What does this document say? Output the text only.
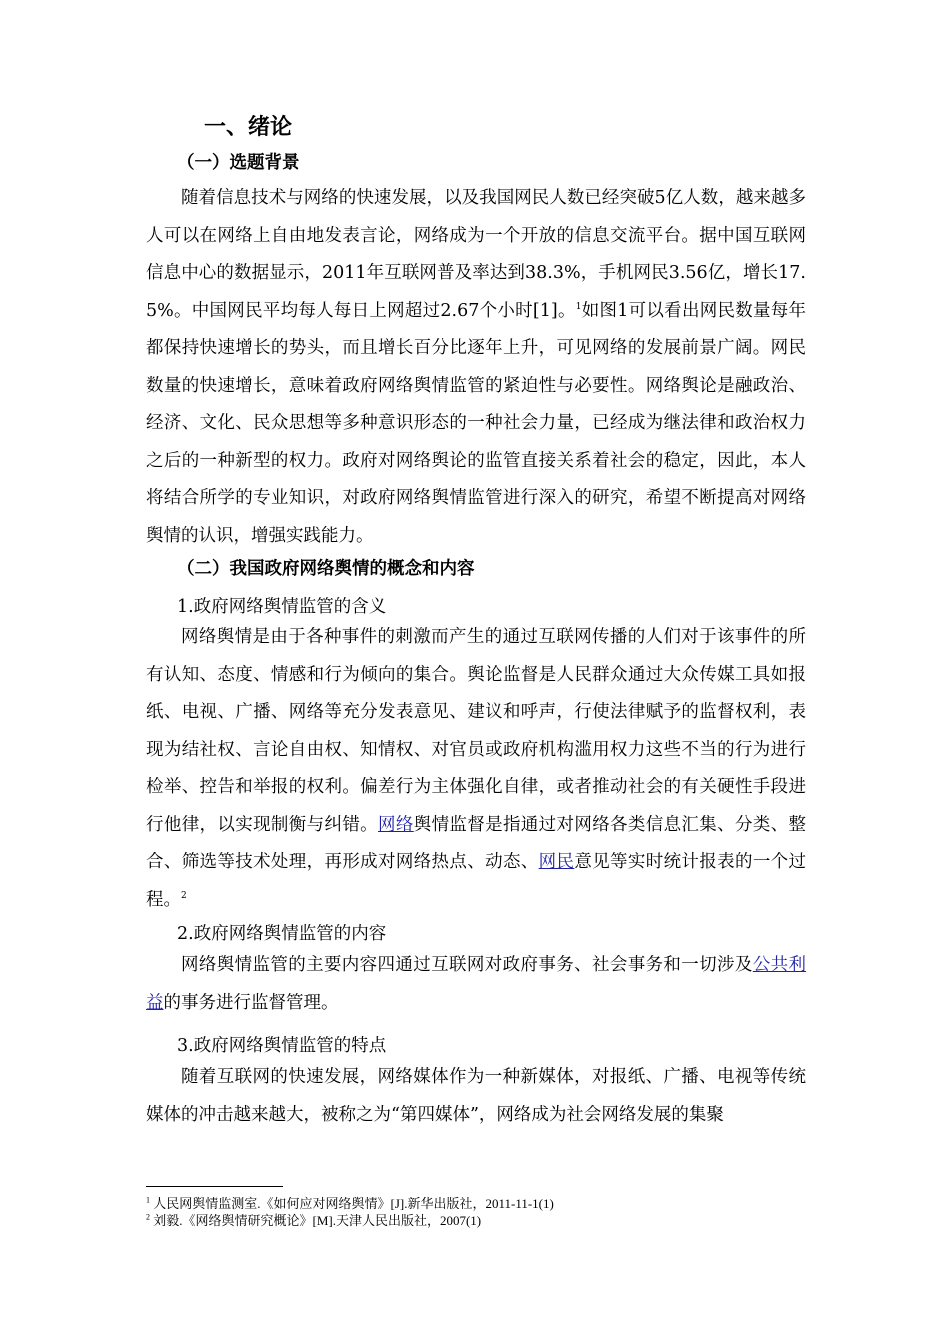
一、绪论
（一）选题背景
随着信息技术与网络的快速发展，以及我国网民人数已经突破5亿人数，越来越多人可以在网络上自由地发表言论，网络成为一个开放的信息交流平台。据中国互联网信息中心的数据显示，2011年互联网普及率达到38.3%，手机网民3.56亿，增长17.5%。中国网民平均每人每日上网超过2.67个小时[1]。$^1$如图1可以看出网民数量每年都保持快速增长的势头，而且增长百分比逐年上升，可见网络的发展前景广阔。网民数量的快速增长，意味着政府网络舆情监管的紧迫性与必要性。网络舆论是融政治、经济、文化、民众思想等多种意识形态的一种社会力量，已经成为继法律和政治权力之后的一种新型的权力。政府对网络舆论的监管直接关系着社会的稳定，因此，本人将结合所学的专业知识，对政府网络舆情监管进行深入的研究，希望不断提高对网络舆情的认识，增强实践能力。
（二）我国政府网络舆情的概念和内容
1.政府网络舆情监管的含义
网络舆情是由于各种事件的刺激而产生的通过互联网传播的人们对于该事件的所有认知、态度、情感和行为倾向的集合。舆论监督是人民群众通过大众传媒工具如报纸、电视、广播、网络等充分发表意见、建议和呼声，行使法律赋予的监督权利，表现为结社权、言论自由权、知情权、对官员或政府机构滥用权力这些不当的行为进行检举、控告和举报的权利。偏差行为主体强化自律，或者推动社会的有关硬性手段进行他律，以实现制衡与纠错。网络舆情监督是指通过对网络各类信息汇集、分类、整合、筛选等技术处理，再形成对网络热点、动态、网民意见等实时统计报表的一个过程。$^2$
2.政府网络舆情监管的内容
网络舆情监管的主要内容四通过互联网对政府事务、社会事务和一切涉及公共利益的事务进行监督管理。
3.政府网络舆情监管的特点
随着互联网的快速发展，网络媒体作为一种新媒体，对报纸、广播、电视等传统媒体的冲击越来越大，被称之为“第四媒体”，网络成为社会网络发展的集聚
$^1$ 人民网舆情监测室.《如何应对网络舆情》[J].新华出版社，2011-11-1(1)
$^2$ 刘毅.《网络舆情研究概论》[M].天津人民出版社，2007(1)
